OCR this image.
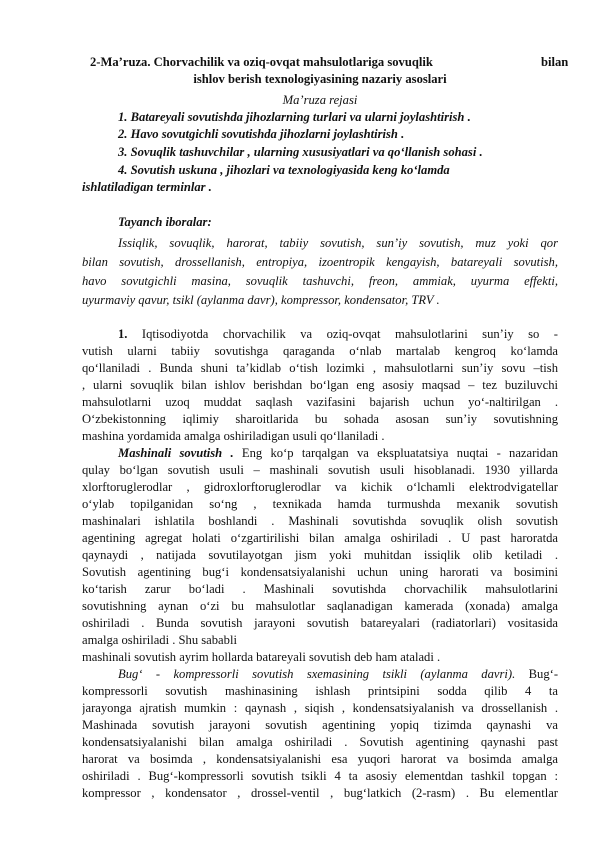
2-Ma’ruza. Chorvachilik va oziq-ovqat mahsulotlariga sovuqlik	bilan
ishlov berish texnologiyasining nazariy asoslari
Ma’ruza rejasi
1. Batareyali sovutishda jihozlarning turlari va ularni joylashtirish .
2. Havo sovutgichli sovutishda jihozlarni joylashtirish .
3. Sovuqlik tashuvchilar , ularning xususiyatlari va qo‘llanish sohasi .
4. Sovutish uskuna , jihozlari va texnologiyasida keng ko‘lamda
ishlatiladigan terminlar .
Tayanch iboralar:
Issiqlik, sovuqlik, harorat, tabiiy sovutish, sun’iy sovutish, muz yoki qor
bilan sovutish, drossellanish, entropiya, izoentropik kengayish, batareyali sovutish,
havo sovutgichli masina, sovuqlik tashuvchi, freon, ammiak, uyurma effekti,
uyurmaviy qavur, tsikl (aylanma davr), kompressor, kondensator, TRV .
1. Iqtisodiyotda chorvachilik va oziq-ovqat mahsulotlarini sun’iy so -
vutish ularni tabiiy sovutishga qaraganda o‘nlab martalab kengroq ko‘lamda
qo‘llaniladi . Bunda shuni ta’kidlab o‘tish lozimki , mahsulotlarni sun’iy sovu –tish
, ularni sovuqlik bilan ishlov berishdan bo‘lgan eng asosiy maqsad – tez buziluvchi
mahsulotlarni uzoq muddat saqlash vazifasini bajarish uchun yo‘-naltirilgan .
O‘zbekistonning iqlimiy sharoitlarida bu sohada asosan sun’iy sovutishning
mashina yordamida amalga oshiriladigan usuli qo‘llaniladi .
Mashinali sovutish . Eng ko‘p tarqalgan va ekspluatatsiya nuqtai - nazaridan
qulay bo‘lgan sovutish usuli – mashinali sovutish usuli hisoblanadi. 1930 yillarda
xlorftoruglerodlar , gidroxlorftoruglerodlar va kichik o‘lchamli elektrodvigatellar
o‘ylab topilganidan so‘ng , texnikada hamda turmushda mexanik sovutish
mashinalari ishlatila boshlandi . Mashinali sovutishda sovuqlik olish sovutish
agentining agregat holati o‘zgartirilishi bilan amalga oshiriladi . U past haroratda
qaynaydi , natijada sovutilayotgan jism yoki muhitdan issiqlik olib ketiladi .
Sovutish agentining bug‘i kondensatsiyalanishi uchun uning harorati va bosimini
ko‘tarish zarur bo‘ladi . Mashinali sovutishda chorvachilik mahsulotlarini
sovutishning aynan o‘zi bu mahsulotlar saqlanadigan kamerada (xonada) amalga
oshiriladi . Bunda sovutish jarayoni sovutish batareyalari (radiatorlari) vositasida
amalga oshiriladi . Shu sababli
mashinali sovutish ayrim hollarda batareyali sovutish deb ham ataladi .
Bug‘ - kompressorli sovutish sxemasining tsikli (aylanma davri). Bug‘-
kompressorli sovutish mashinasining ishlash printsipini sodda qilib 4 ta
jarayonga ajratish mumkin : qaynash , siqish , kondensatsiyalanish va drossellanish .
Mashinada sovutish jarayoni sovutish agentining yopiq tizimda qaynashi va
kondensatsiyalanishi bilan amalga oshiriladi . Sovutish agentining qaynashi past
harorat va bosimda , kondensatsiyalanishi esa yuqori harorat va bosimda amalga
oshiriladi . Bug‘-kompressorli sovutish tsikli 4 ta asosiy elementdan tashkil topgan :
kompressor , kondensator , drossel-ventil , bug‘latkich (2-rasm) . Bu elementlar
